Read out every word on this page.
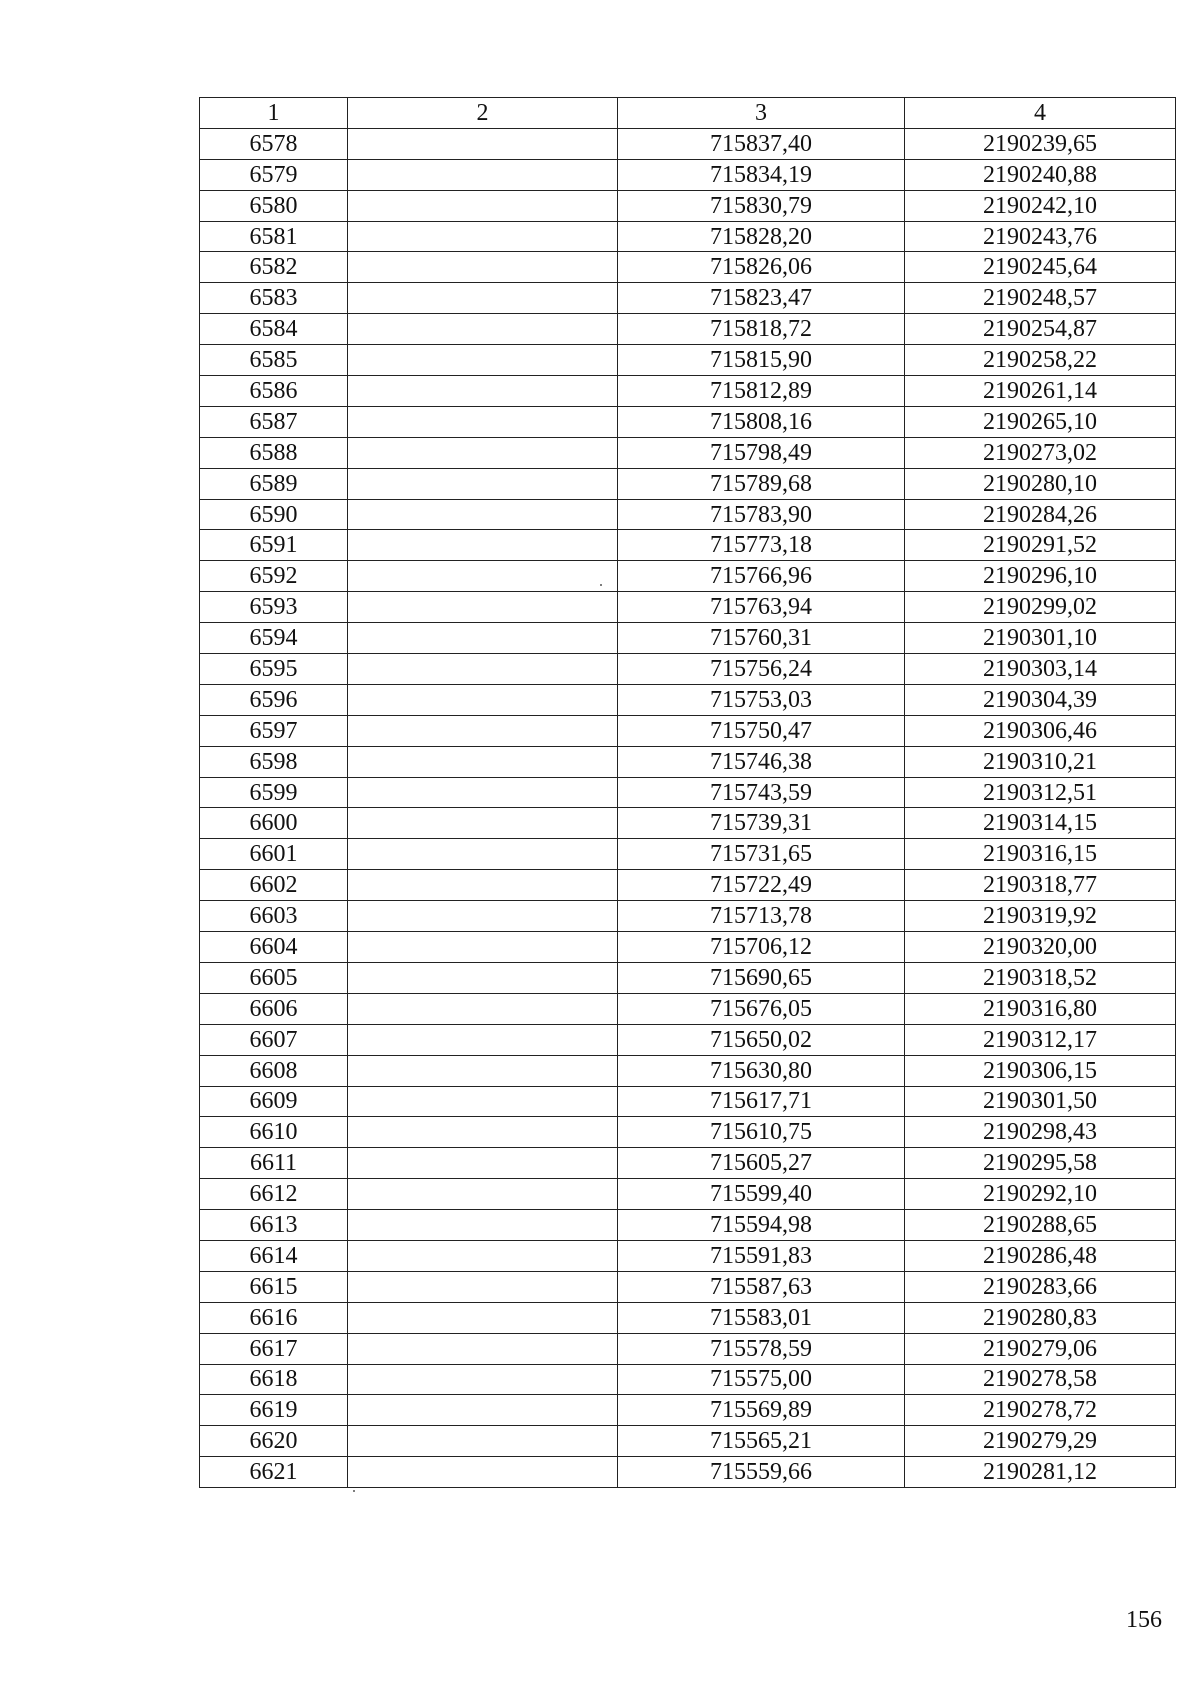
1	2	3	4
6578		715837,40	2190239,65
6579		715834,19	2190240,88
6580		715830,79	2190242,10
6581		715828,20	2190243,76
6582		715826,06	2190245,64
6583		715823,47	2190248,57
6584		715818,72	2190254,87
6585		715815,90	2190258,22
6586		715812,89	2190261,14
6587		715808,16	2190265,10
6588		715798,49	2190273,02
6589		715789,68	2190280,10
6590		715783,90	2190284,26
6591		715773,18	2190291,52
6592		715766,96	2190296,10
6593		715763,94	2190299,02
6594		715760,31	2190301,10
6595		715756,24	2190303,14
6596		715753,03	2190304,39
6597		715750,47	2190306,46
6598		715746,38	2190310,21
6599		715743,59	2190312,51
6600		715739,31	2190314,15
6601		715731,65	2190316,15
6602		715722,49	2190318,77
6603		715713,78	2190319,92
6604		715706,12	2190320,00
6605		715690,65	2190318,52
6606		715676,05	2190316,80
6607		715650,02	2190312,17
6608		715630,80	2190306,15
6609		715617,71	2190301,50
6610		715610,75	2190298,43
6611		715605,27	2190295,58
6612		715599,40	2190292,10
6613		715594,98	2190288,65
6614		715591,83	2190286,48
6615		715587,63	2190283,66
6616		715583,01	2190280,83
6617		715578,59	2190279,06
6618		715575,00	2190278,58
6619		715569,89	2190278,72
6620		715565,21	2190279,29
6621		715559,66	2190281,12
156
